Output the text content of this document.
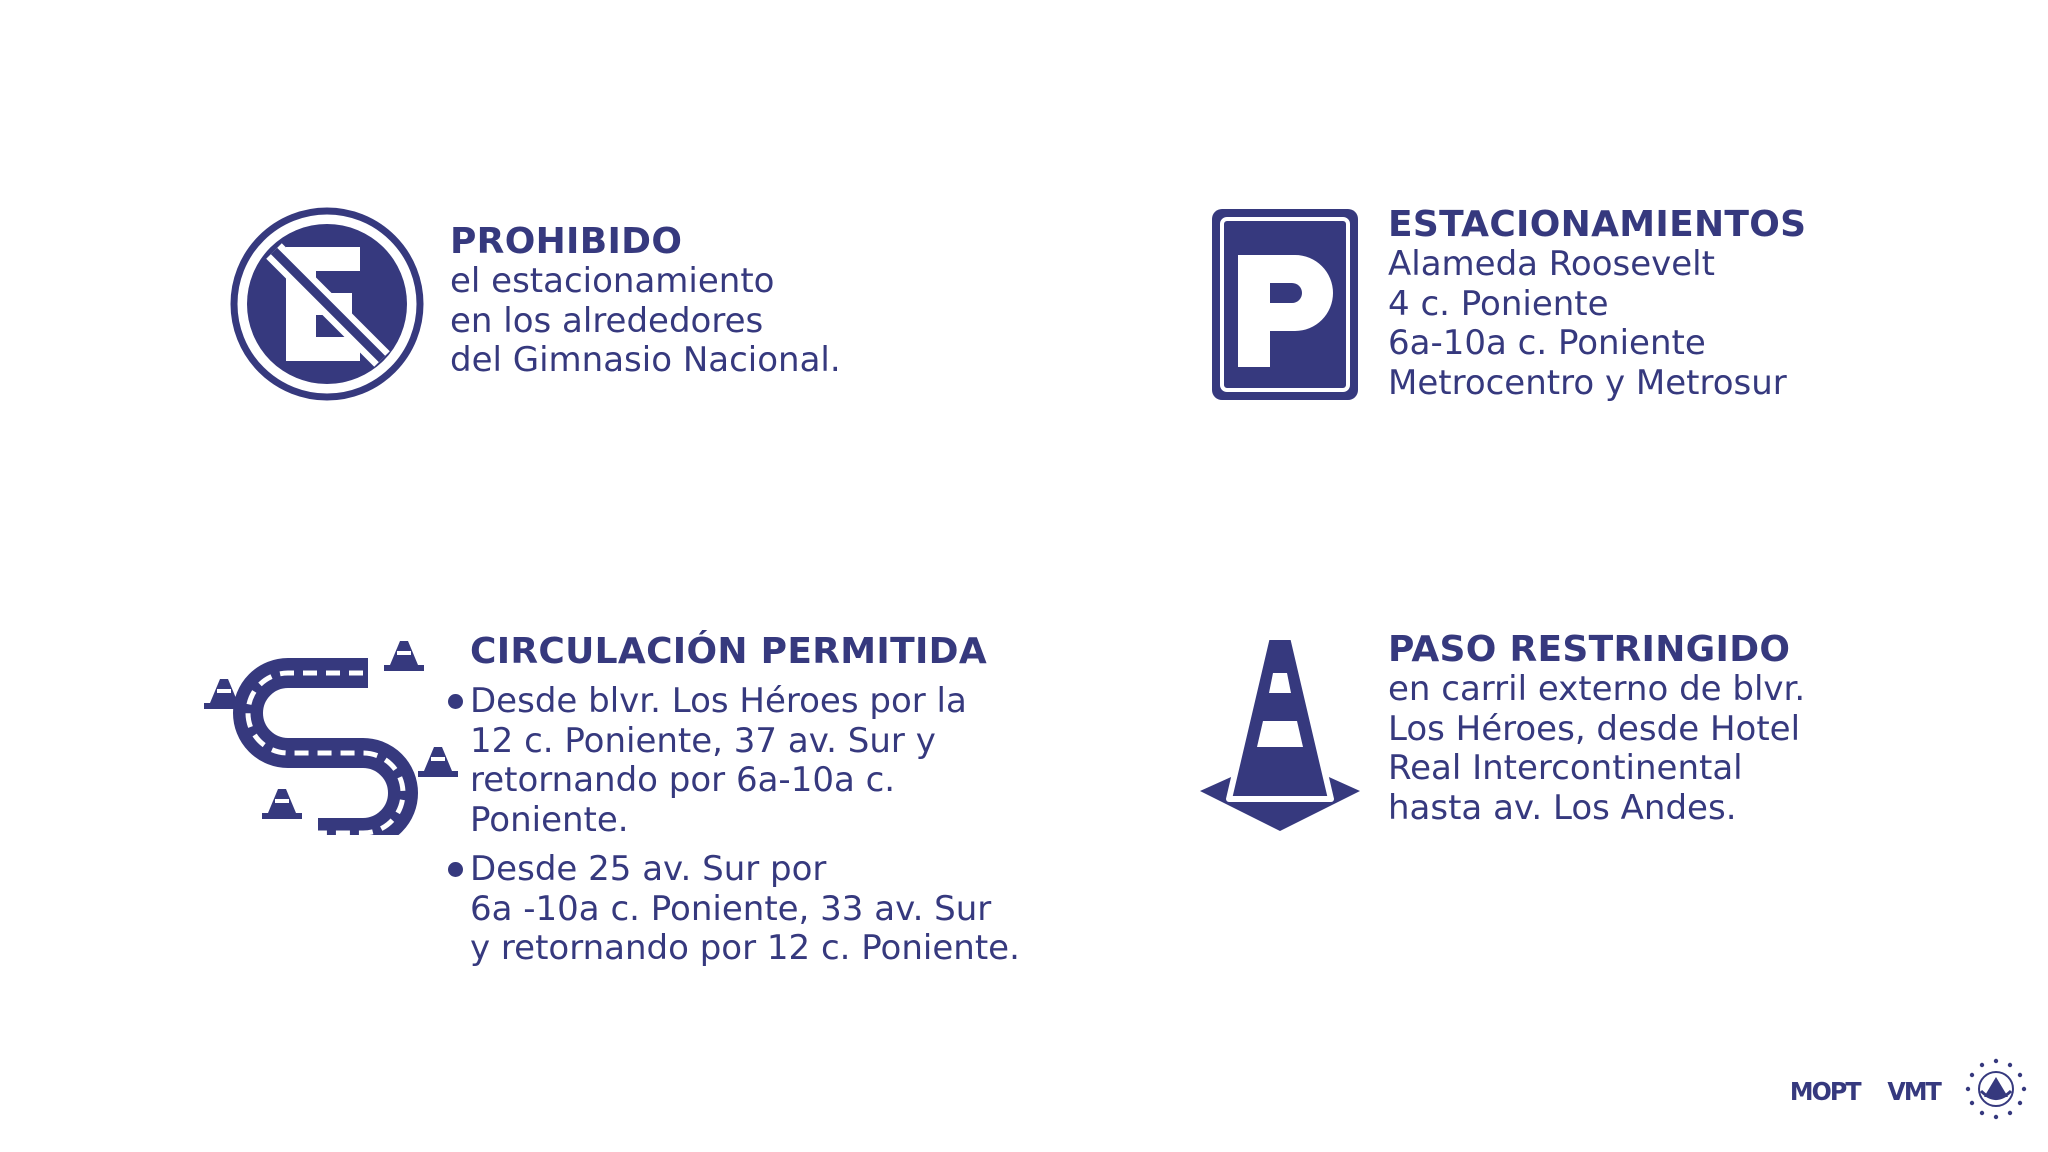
PROHIBIDO
el estacionamiento
en los alrededores
del Gimnasio Nacional.
ESTACIONAMIENTOS
Alameda Roosevelt
4 c. Poniente
6a-10a c. Poniente
Metrocentro y Metrosur
CIRCULACIÓN PERMITIDA
Desde blvr. Los Héroes por la
12 c. Poniente, 37 av. Sur y
retornando por 6a-10a c.
Poniente.
Desde 25 av. Sur por
6a -10a c. Poniente, 33 av. Sur
y retornando por 12 c. Poniente.
PASO RESTRINGIDO
en carril externo de blvr.
Los Héroes, desde Hotel
Real Intercontinental
hasta av. Los Andes.
MOPT VMT
